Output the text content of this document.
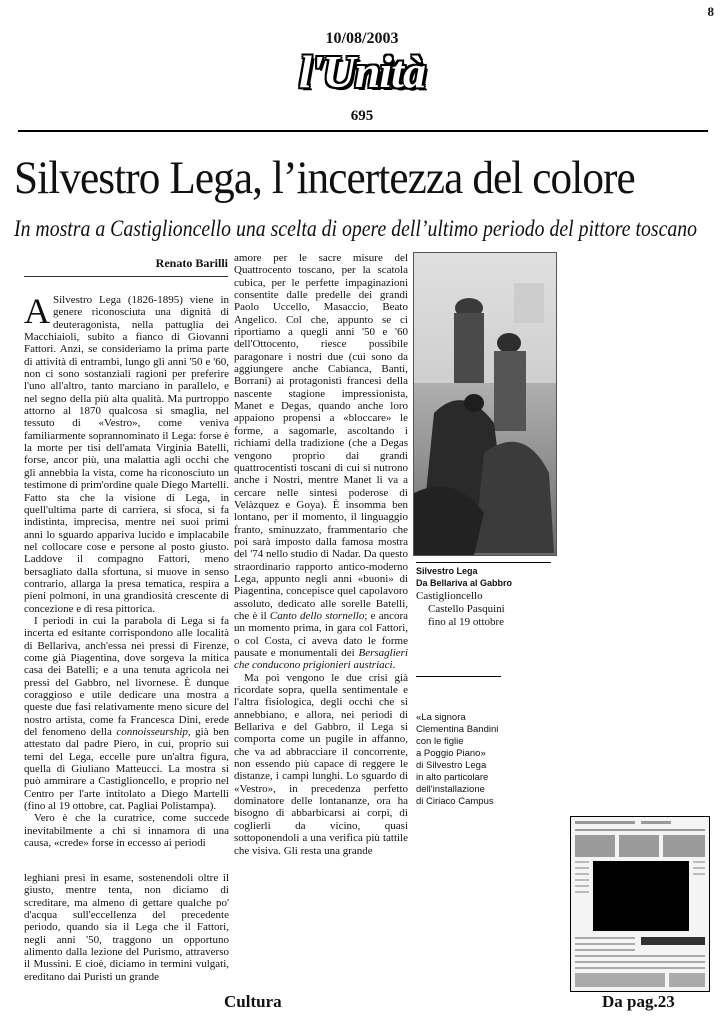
8
10/08/2003
l'Unità
695
Silvestro Lega, l’incertezza del colore
In mostra a Castiglioncello una scelta di opere dell’ultimo periodo del pittore toscano
Renato Barilli
A Silvestro Lega (1826-1895) viene in genere riconosciuta una dignità di deuteragonista, nella pattuglia dei Macchiaioli, subito a fianco di Giovanni Fattori. Anzi, se consideriamo la prima parte di attività di entrambi, lungo gli anni '50 e '60, non ci sono sostanziali ragioni per preferire l'uno all'altro, tanto marciano in parallelo, e nel segno della più alta qualità. Ma purtroppo attorno al 1870 qualcosa si smaglia, nel tessuto di «Vestro», come veniva familiarmente soprannominato il Lega: forse è la morte per tisi dell'amata Virginia Batelli, forse, ancor più, una malattia agli occhi che gli annebbia la vista, come ha riconosciuto un testimone di prim'ordine quale Diego Martelli. Fatto sta che la visione di Lega, in quell'ultima parte di carriera, si sfoca, si fa indistinta, imprecisa, mentre nei suoi primi anni lo sguardo appariva lucido e implacabile nel collocare cose e persone al posto giusto. Laddove il compagno Fattori, meno bersagliato dalla sfortuna, si muove in senso contrario, allarga la presa tematica, respira a pieni polmoni, in una grandiosità crescente di concezione e di resa pittorica.
I periodi in cui la parabola di Lega si fa incerta ed esitante corrispondono alle località di Bellariva, anch'essa nei pressi di Firenze, come già Piagentina, dove sorgeva la mitica casa dei Batelli; e a una tenuta agricola nei pressi del Gabbro, nel livornese. È dunque coraggioso e utile dedicare una mostra a queste due fasi relativamente meno sicure del nostro artista, come fa Francesca Dini, erede del fenomeno della connoisseurship, già ben attestato dal padre Piero, in cui, proprio sui temi del Lega, eccelle pure un'altra figura, quella di Giuliano Matteucci. La mostra si può ammirare a Castiglioncello, e proprio nel Centro per l'arte intitolato a Diego Martelli (fino al 19 ottobre, cat. Pagliai Polistampa).
Vero è che la curatrice, come succede inevitabilmente a chi si innamora di una causa, «crede» forse in eccesso ai periodi
leghiani presi in esame, sostenendoli oltre il giusto, mentre tenta, non diciamo di screditare, ma almeno di gettare qualche po' d'acqua sull'eccellenza del precedente periodo, quando sia il Lega che il Fattori, negli anni '50, traggono un opportuno alimento dalla lezione del Purismo, attraverso il Mussini. E cioè, diciamo in termini vulgati, ereditano dai Puristi un grande
amore per le sacre misure del Quattrocento toscano, per la scatola cubica, per le perfette impaginazioni consentite dalle predelle dei grandi Paolo Uccello, Masaccio, Beato Angelico. Col che, appunto se ci riportiamo a quegli anni '50 e '60 dell'Ottocento, riesce possibile paragonare i nostri due (cui sono da aggiungere anche Cabianca, Banti, Borrani) ai protagonisti francesi della nascente stagione impressionista, Manet e Degas, quando anche loro appaiono propensi a «bloccare» le forme, a sagomarle, ascoltando i richiami della tradizione (che a Degas vengono proprio dai grandi quattrocentisti toscani di cui si nutrono anche i Nostri, mentre Manet li va a cercare nelle sintesi poderose di Velàzquez e Goya). È insomma ben lontano, per il momento, il linguaggio franto, sminuzzato, frammentario che poi sarà imposto dalla famosa mostra del '74 nello studio di Nadar. Da questo straordinario rapporto antico-moderno Lega, appunto negli anni «buoni» di Piagentina, concepisce quel capolavoro assoluto, dedicato alle sorelle Batelli, che è il Canto dello stornello; e ancora un momento prima, in gara col Fattori, o col Costa, ci aveva dato le forme pausate e monumentali dei Bersaglieri che conducono prigionieri austriaci.
Ma poi vengono le due crisi già ricordate sopra, quella sentimentale e l'altra fisiologica, degli occhi che si annebbiano, e allora, nei periodi di Bellariva e del Gabbro, il Lega si comporta come un pugile in affanno, che va ad abbracciare il concorrente, non essendo più capace di reggere le distanze, i campi lunghi. Lo sguardo di «Vestro», in precedenza perfetto dominatore delle lontananze, ora ha bisogno di abbarbicarsi ai corpi, di coglierli da vicino, quasi sottoponendoli a una verifica più tattile che visiva. Gli resta una grande
Silvestro Lega
Da Bellariva al Gabbro
Castiglioncello
Castello Pasquini
fino al 19 ottobre
«La signora
Clementina Bandini
con le figlie
a Poggio Piano»
di Silvestro Lega
in alto particolare
dell'installazione
di Ciriaco Campus
Cultura	Da pag.23
